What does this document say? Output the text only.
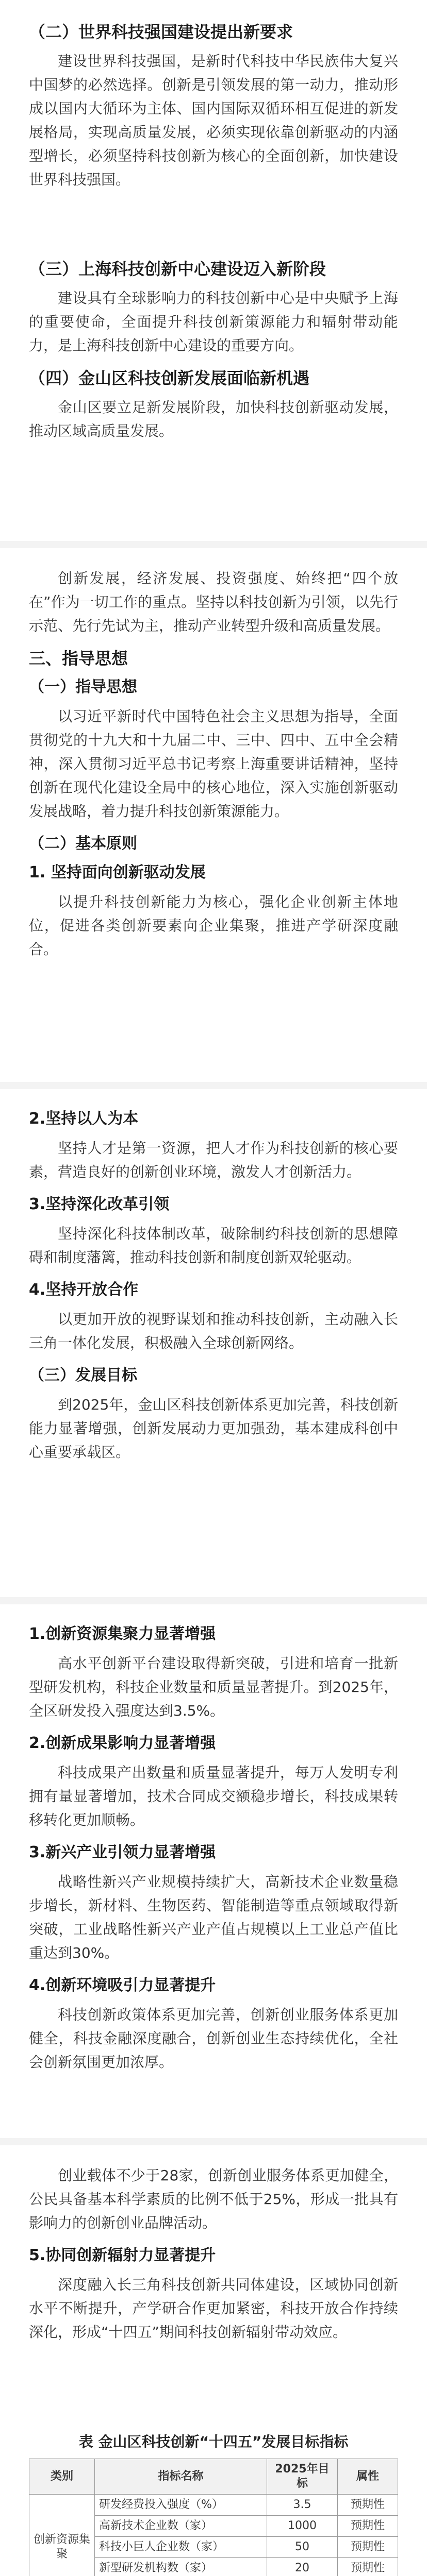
（二）世界科技强国建设提出新要求

建设世界科技强国，是新时代科技中华民族伟大复兴中国梦的必然选择。创新是引领发展的第一动力，推动形成以国内大循环为主体、国内国际双循环相互促进的新发展格局，实现高质量发展，必须实现依靠创新驱动的内涵型增长，必须坚持科技创新为核心的全面创新，加快建设世界科技强国。

（三）上海科技创新中心建设迈入新阶段

建设具有全球影响力的科技创新中心是中央赋予上海的重要使命，全面提升科技创新策源能力和辐射带动能力，是上海科技创新中心建设的重要方向。

（四）金山区科技创新发展面临新机遇

金山区要立足新发展阶段，加快科技创新驱动发展，推动区域高质量发展。

创新发展，经济发展、投资强度、始终把“四个放在”作为一切工作的重点。坚持以科技创新为引领，以先行示范、先行先试为主，推动产业转型升级和高质量发展。

三、指导思想
（一）指导思想

以习近平新时代中国特色社会主义思想为指导，全面贯彻党的十九大和十九届二中、三中、四中、五中全会精神，深入贯彻习近平总书记考察上海重要讲话精神，坚持创新在现代化建设全局中的核心地位，深入实施创新驱动发展战略，着力提升科技创新策源能力。

（二）基本原则
1. 坚持面向创新驱动发展

以提升科技创新能力为核心，强化企业创新主体地位，促进各类创新要素向企业集聚，推进产学研深度融合。

2.坚持以人为本

坚持人才是第一资源，把人才作为科技创新的核心要素，营造良好的创新创业环境，激发人才创新活力。

3.坚持深化改革引领

坚持深化科技体制改革，破除制约科技创新的思想障碍和制度藩篱，推动科技创新和制度创新双轮驱动。

4.坚持开放合作

以更加开放的视野谋划和推动科技创新，主动融入长三角一体化发展，积极融入全球创新网络。

（三）发展目标

到2025年，金山区科技创新体系更加完善，科技创新能力显著增强，创新发展动力更加强劲，基本建成科创中心重要承载区。

1.创新资源集聚力显著增强

高水平创新平台建设取得新突破，引进和培育一批新型研发机构，科技企业数量和质量显著提升。到2025年，全区研发投入强度达到3.5%。

2.创新成果影响力显著增强

科技成果产出数量和质量显著提升，每万人发明专利拥有量显著增加，技术合同成交额稳步增长，科技成果转移转化更加顺畅。

3.新兴产业引领力显著增强

战略性新兴产业规模持续扩大，高新技术企业数量稳步增长，新材料、生物医药、智能制造等重点领域取得新突破，工业战略性新兴产业产值占规模以上工业总产值比重达到30%。

4.创新环境吸引力显著提升

科技创新政策体系更加完善，创新创业服务体系更加健全，科技金融深度融合，创新创业生态持续优化，全社会创新氛围更加浓厚。

创业载体不少于28家，创新创业服务体系更加健全，公民具备基本科学素质的比例不低于25%，形成一批具有影响力的创新创业品牌活动。

5.协同创新辐射力显著提升

深度融入长三角科技创新共同体建设，区域协同创新水平不断提升，产学研合作更加紧密，科技开放合作持续深化，形成“十四五”期间科技创新辐射带动效应。

表 金山区科技创新“十四五”发展目标指标
类别	指标名称	2025年目标	属性
创新资源集聚	研发经费投入强度（%）	3.5	预期性
	高新技术企业数（家）	1000	预期性
	科技小巨人企业数（家）	50	预期性
	新型研发机构数（家）	20	预期性
